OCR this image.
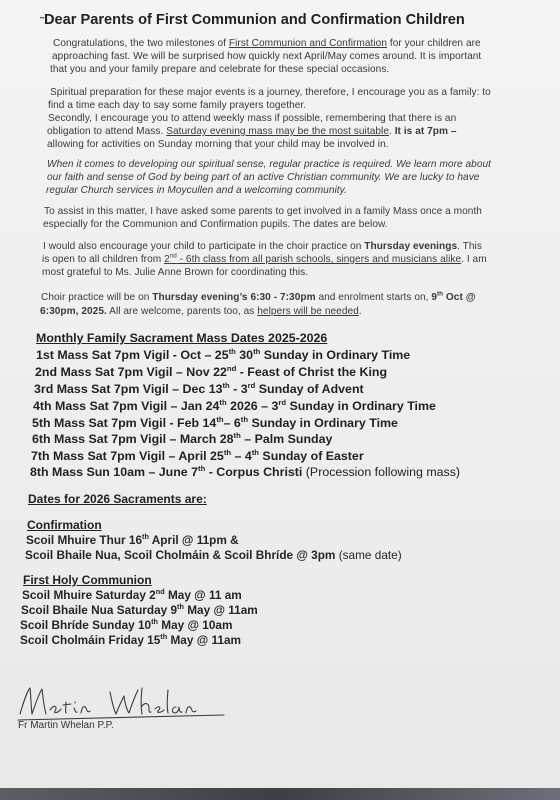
˜ Dear Parents of First Communion and Confirmation Children
Congratulations, the two milestones of First Communion and Confirmation for your children are
approaching fast. We will be surprised how quickly next April/May comes around. It is important
that you and your family prepare and celebrate for these special occasions.
Spiritual preparation for these major events is a journey, therefore, I encourage you as a family: to
find a time each day to say some family prayers together.
Secondly, I encourage you to attend weekly mass if possible, remembering that there is an
obligation to attend Mass. Saturday evening mass may be the most suitable. It is at 7pm –
allowing for activities on Sunday morning that your child may be involved in.
When it comes to developing our spiritual sense, regular practice is required. We learn more about
our faith and sense of God by being part of an active Christian community. We are lucky to have
regular Church services in Moycullen and a welcoming community.
To assist in this matter, I have asked some parents to get involved in a family Mass once a month
especially for the Communion and Confirmation pupils. The dates are below.
I would also encourage your child to participate in the choir practice on Thursday evenings. This
is open to all children from 2nd - 6th class from all parish schools, singers and musicians alike. I am
most grateful to Ms. Julie Anne Brown for coordinating this.
Choir practice will be on Thursday evening’s 6:30 - 7:30pm and enrolment starts on, 9th Oct @
6:30pm, 2025. All are welcome, parents too, as helpers will be needed.
Monthly Family Sacrament Mass Dates 2025-2026
1st Mass Sat 7pm Vigil - Oct – 25th 30th Sunday in Ordinary Time
2nd Mass Sat 7pm Vigil – Nov 22nd - Feast of Christ the King
3rd Mass Sat 7pm Vigil – Dec 13th - 3rd Sunday of Advent
4th Mass Sat 7pm Vigil – Jan 24th 2026 – 3rd Sunday in Ordinary Time
5th Mass Sat 7pm Vigil - Feb 14th– 6th Sunday in Ordinary Time
6th Mass Sat 7pm Vigil – March 28th – Palm Sunday
7th Mass Sat 7pm Vigil – April 25th – 4th Sunday of Easter
8th Mass Sun 10am – June 7th - Corpus Christi (Procession following mass)
Dates for 2026 Sacraments are:
Confirmation
Scoil Mhuire Thur 16th April @ 11pm &
Scoil Bhaile Nua, Scoil Cholmáin & Scoil Bhríde @ 3pm (same date)
First Holy Communion
Scoil Mhuire Saturday 2nd May @ 11 am
Scoil Bhaile Nua Saturday 9th May @ 11am
Scoil Bhríde Sunday 10th May @ 10am
Scoil Cholmáin Friday 15th May @ 11am
Fr Martin Whelan P.P.
